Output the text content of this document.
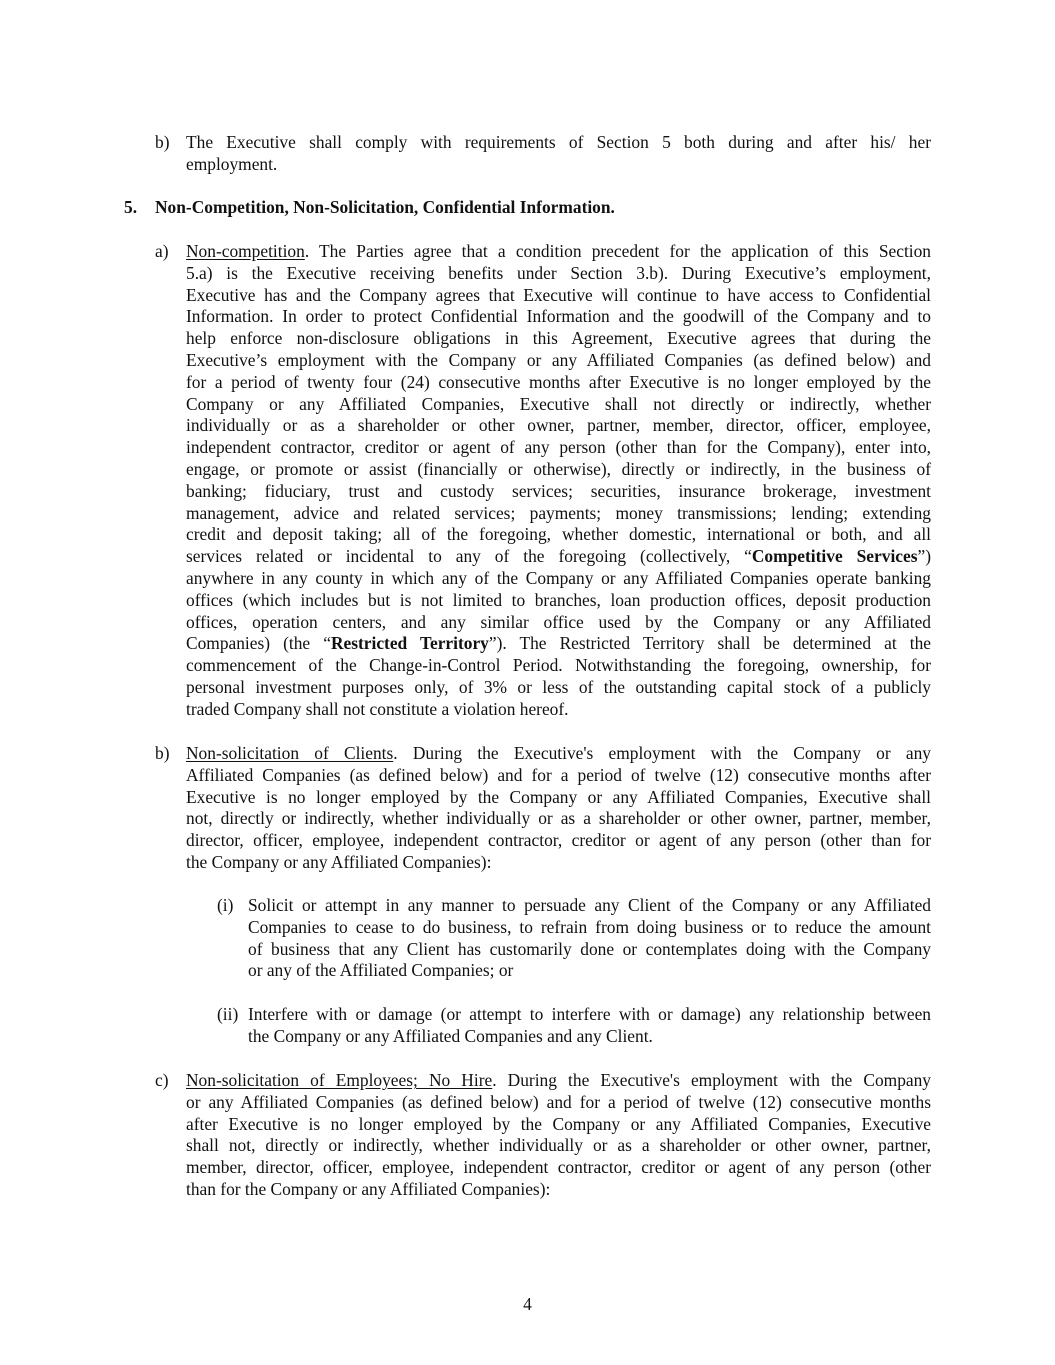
b) The Executive shall comply with requirements of Section 5 both during and after his/ her
employment.
5. Non-Competition, Non-Solicitation, Confidential Information.
a) Non-competition. The Parties agree that a condition precedent for the application of this Section
5.a) is the Executive receiving benefits under Section 3.b). During Executive’s employment,
Executive has and the Company agrees that Executive will continue to have access to Confidential
Information. In order to protect Confidential Information and the goodwill of the Company and to
help enforce non-disclosure obligations in this Agreement, Executive agrees that during the
Executive’s employment with the Company or any Affiliated Companies (as defined below) and
for a period of twenty four (24) consecutive months after Executive is no longer employed by the
Company or any Affiliated Companies, Executive shall not directly or indirectly, whether
individually or as a shareholder or other owner, partner, member, director, officer, employee,
independent contractor, creditor or agent of any person (other than for the Company), enter into,
engage, or promote or assist (financially or otherwise), directly or indirectly, in the business of
banking; fiduciary, trust and custody services; securities, insurance brokerage, investment
management, advice and related services; payments; money transmissions; lending; extending
credit and deposit taking; all of the foregoing, whether domestic, international or both, and all
services related or incidental to any of the foregoing (collectively, “Competitive Services”)
anywhere in any county in which any of the Company or any Affiliated Companies operate banking
offices (which includes but is not limited to branches, loan production offices, deposit production
offices, operation centers, and any similar office used by the Company or any Affiliated
Companies) (the “Restricted Territory”). The Restricted Territory shall be determined at the
commencement of the Change-in-Control Period. Notwithstanding the foregoing, ownership, for
personal investment purposes only, of 3% or less of the outstanding capital stock of a publicly
traded Company shall not constitute a violation hereof.
b) Non-solicitation of Clients. During the Executive's employment with the Company or any
Affiliated Companies (as defined below) and for a period of twelve (12) consecutive months after
Executive is no longer employed by the Company or any Affiliated Companies, Executive shall
not, directly or indirectly, whether individually or as a shareholder or other owner, partner, member,
director, officer, employee, independent contractor, creditor or agent of any person (other than for
the Company or any Affiliated Companies):
(i) Solicit or attempt in any manner to persuade any Client of the Company or any Affiliated
Companies to cease to do business, to refrain from doing business or to reduce the amount
of business that any Client has customarily done or contemplates doing with the Company
or any of the Affiliated Companies; or
(ii) Interfere with or damage (or attempt to interfere with or damage) any relationship between
the Company or any Affiliated Companies and any Client.
c) Non-solicitation of Employees; No Hire. During the Executive's employment with the Company
or any Affiliated Companies (as defined below) and for a period of twelve (12) consecutive months
after Executive is no longer employed by the Company or any Affiliated Companies, Executive
shall not, directly or indirectly, whether individually or as a shareholder or other owner, partner,
member, director, officer, employee, independent contractor, creditor or agent of any person (other
than for the Company or any Affiliated Companies):
4
